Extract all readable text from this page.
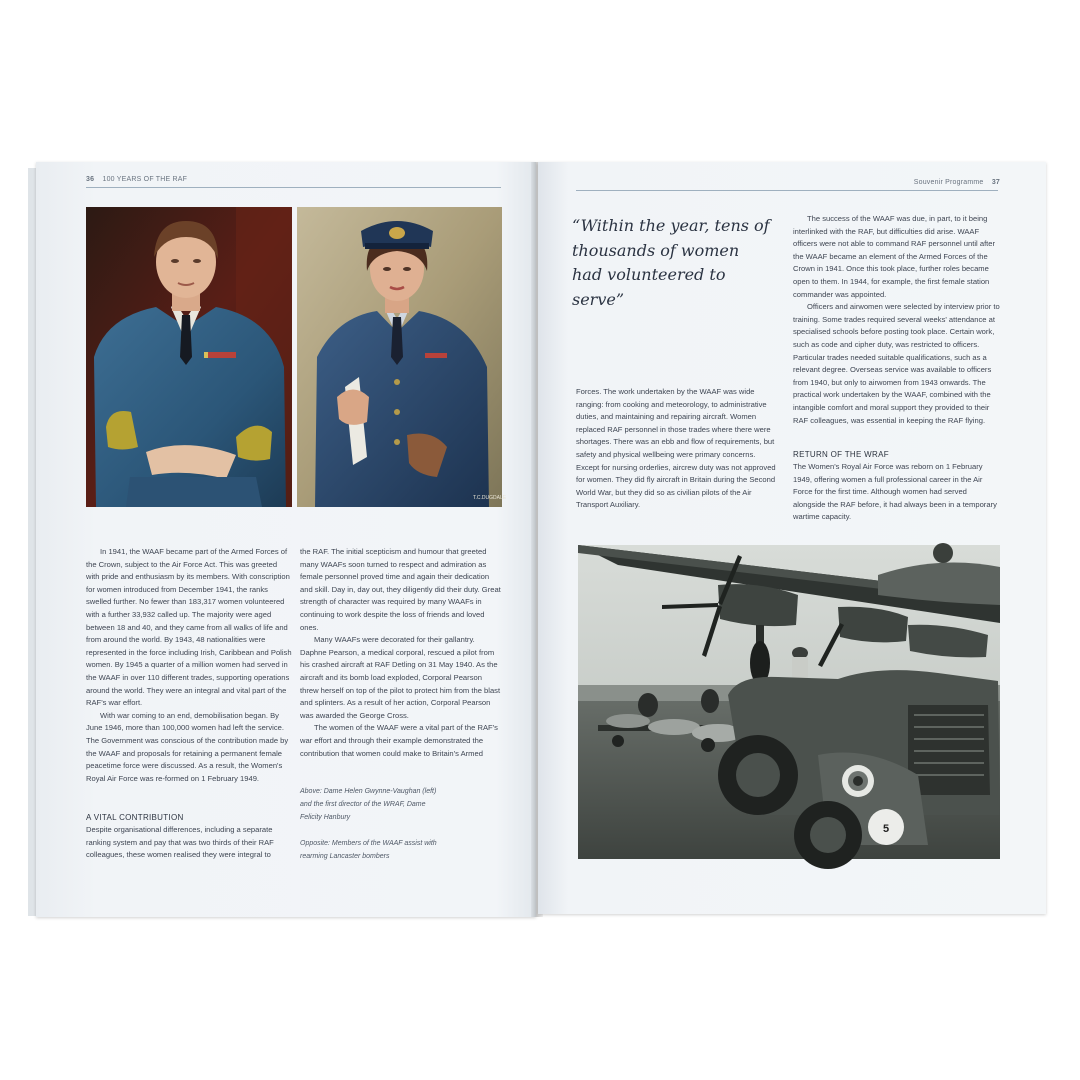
36 100 YEARS OF THE RAF
T.C.DUGDALE

In 1941, the WAAF became part of the Armed Forces of the Crown, subject to the Air Force Act. This was greeted with pride and enthusiasm by its members. With conscription for women introduced from December 1941, the ranks swelled further. No fewer than 183,317 women volunteered with a further 33,932 called up. The majority were aged between 18 and 40, and they came from all walks of life and from around the world. By 1943, 48 nationalities were represented in the force including Irish, Caribbean and Polish women. By 1945 a quarter of a million women had served in the WAAF in over 110 different trades, supporting operations around the world. They were an integral and vital part of the RAF's war effort.

With war coming to an end, demobilisation began. By June 1946, more than 100,000 women had left the service. The Government was conscious of the contribution made by the WAAF and proposals for retaining a permanent female peacetime force were discussed. As a result, the Women's Royal Air Force was re-formed on 1 February 1949.

A VITAL CONTRIBUTION

Despite organisational differences, including a separate ranking system and pay that was two thirds of their RAF colleagues, these women realised they were integral to

the RAF. The initial scepticism and humour that greeted many WAAFs soon turned to respect and admiration as female personnel proved time and again their dedication and skill. Day in, day out, they diligently did their duty. Great strength of character was required by many WAAFs in continuing to work despite the loss of friends and loved ones.

Many WAAFs were decorated for their gallantry. Daphne Pearson, a medical corporal, rescued a pilot from his crashed aircraft at RAF Detling on 31 May 1940. As the aircraft and its bomb load exploded, Corporal Pearson threw herself on top of the pilot to protect him from the blast and splinters. As a result of her action, Corporal Pearson was awarded the George Cross.

The women of the WAAF were a vital part of the RAF's war effort and through their example demonstrated the contribution that women could make to Britain's Armed

Above: Dame Helen Gwynne-Vaughan (left) and the first director of the WRAF, Dame Felicity Hanbury
Opposite: Members of the WAAF assist with rearming Lancaster bombers
Souvenir Programme 37
“Within the year, tens of thousands of women had volunteered to serve”

Forces. The work undertaken by the WAAF was wide ranging: from cooking and meteorology, to administrative duties, and maintaining and repairing aircraft. Women replaced RAF personnel in those trades where there were shortages. There was an ebb and flow of requirements, but safety and physical wellbeing were primary concerns. Except for nursing orderlies, aircrew duty was not approved for women. They did fly aircraft in Britain during the Second World War, but they did so as civilian pilots of the Air Transport Auxiliary.

The success of the WAAF was due, in part, to it being interlinked with the RAF, but difficulties did arise. WAAF officers were not able to command RAF personnel until after the WAAF became an element of the Armed Forces of the Crown in 1941. Once this took place, further roles became open to them. In 1944, for example, the first female station commander was appointed.

Officers and airwomen were selected by interview prior to training. Some trades required several weeks' attendance at specialised schools before posting took place. Certain work, such as code and cipher duty, was restricted to officers. Particular trades needed suitable qualifications, such as a relevant degree. Overseas service was available to officers from 1940, but only to airwomen from 1943 onwards. The practical work undertaken by the WAAF, combined with the intangible comfort and moral support they provided to their RAF colleagues, was essential in keeping the RAF flying.

RETURN OF THE WRAF

The Women's Royal Air Force was reborn on 1 February 1949, offering women a full professional career in the Air Force for the first time. Although women had served alongside the RAF before, it had always been in a temporary wartime capacity.

5
